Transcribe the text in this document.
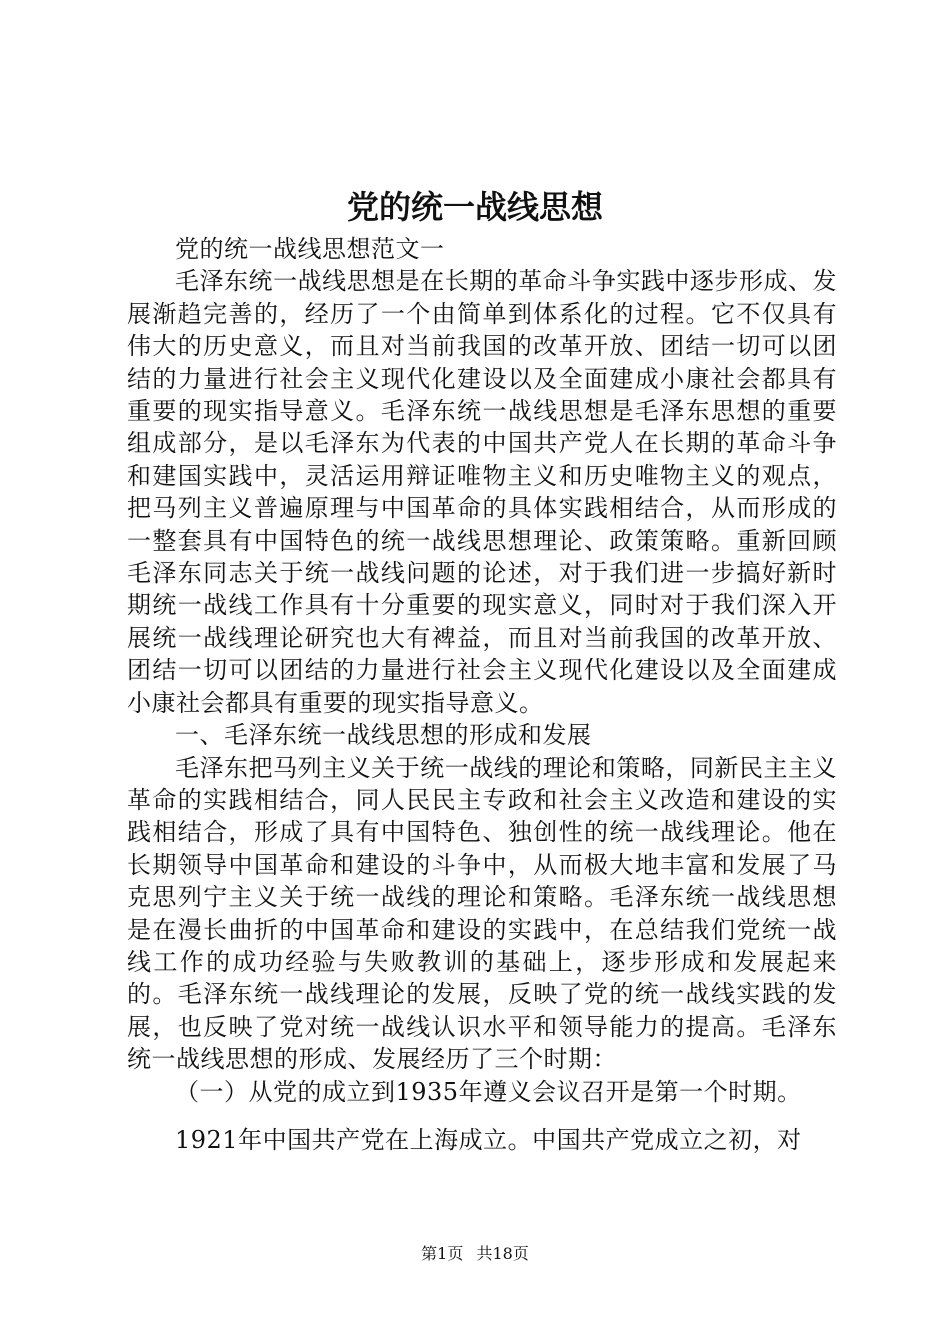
党的统一战线思想

党的统一战线思想范文一

毛泽东统一战线思想是在长期的革命斗争实践中逐步形成、发展渐趋完善的，经历了一个由简单到体系化的过程。它不仅具有伟大的历史意义，而且对当前我国的改革开放、团结一切可以团结的力量进行社会主义现代化建设以及全面建成小康社会都具有重要的现实指导意义。毛泽东统一战线思想是毛泽东思想的重要组成部分，是以毛泽东为代表的中国共产党人在长期的革命斗争和建国实践中，灵活运用辩证唯物主义和历史唯物主义的观点，把马列主义普遍原理与中国革命的具体实践相结合，从而形成的一整套具有中国特色的统一战线思想理论、政策策略。重新回顾毛泽东同志关于统一战线问题的论述，对于我们进一步搞好新时期统一战线工作具有十分重要的现实意义，同时对于我们深入开展统一战线理论研究也大有裨益，而且对当前我国的改革开放、团结一切可以团结的力量进行社会主义现代化建设以及全面建成小康社会都具有重要的现实指导意义。

一、毛泽东统一战线思想的形成和发展

毛泽东把马列主义关于统一战线的理论和策略，同新民主主义革命的实践相结合，同人民民主专政和社会主义改造和建设的实践相结合，形成了具有中国特色、独创性的统一战线理论。他在长期领导中国革命和建设的斗争中，从而极大地丰富和发展了马克思列宁主义关于统一战线的理论和策略。毛泽东统一战线思想是在漫长曲折的中国革命和建设的实践中，在总结我们党统一战线工作的成功经验与失败教训的基础上，逐步形成和发展起来的。毛泽东统一战线理论的发展，反映了党的统一战线实践的发展，也反映了党对统一战线认识水平和领导能力的提高。毛泽东统一战线思想的形成、发展经历了三个时期：

（一）从党的成立到1935年遵义会议召开是第一个时期。

1921年中国共产党在上海成立。中国共产党成立之初，对

第1页 共18页
